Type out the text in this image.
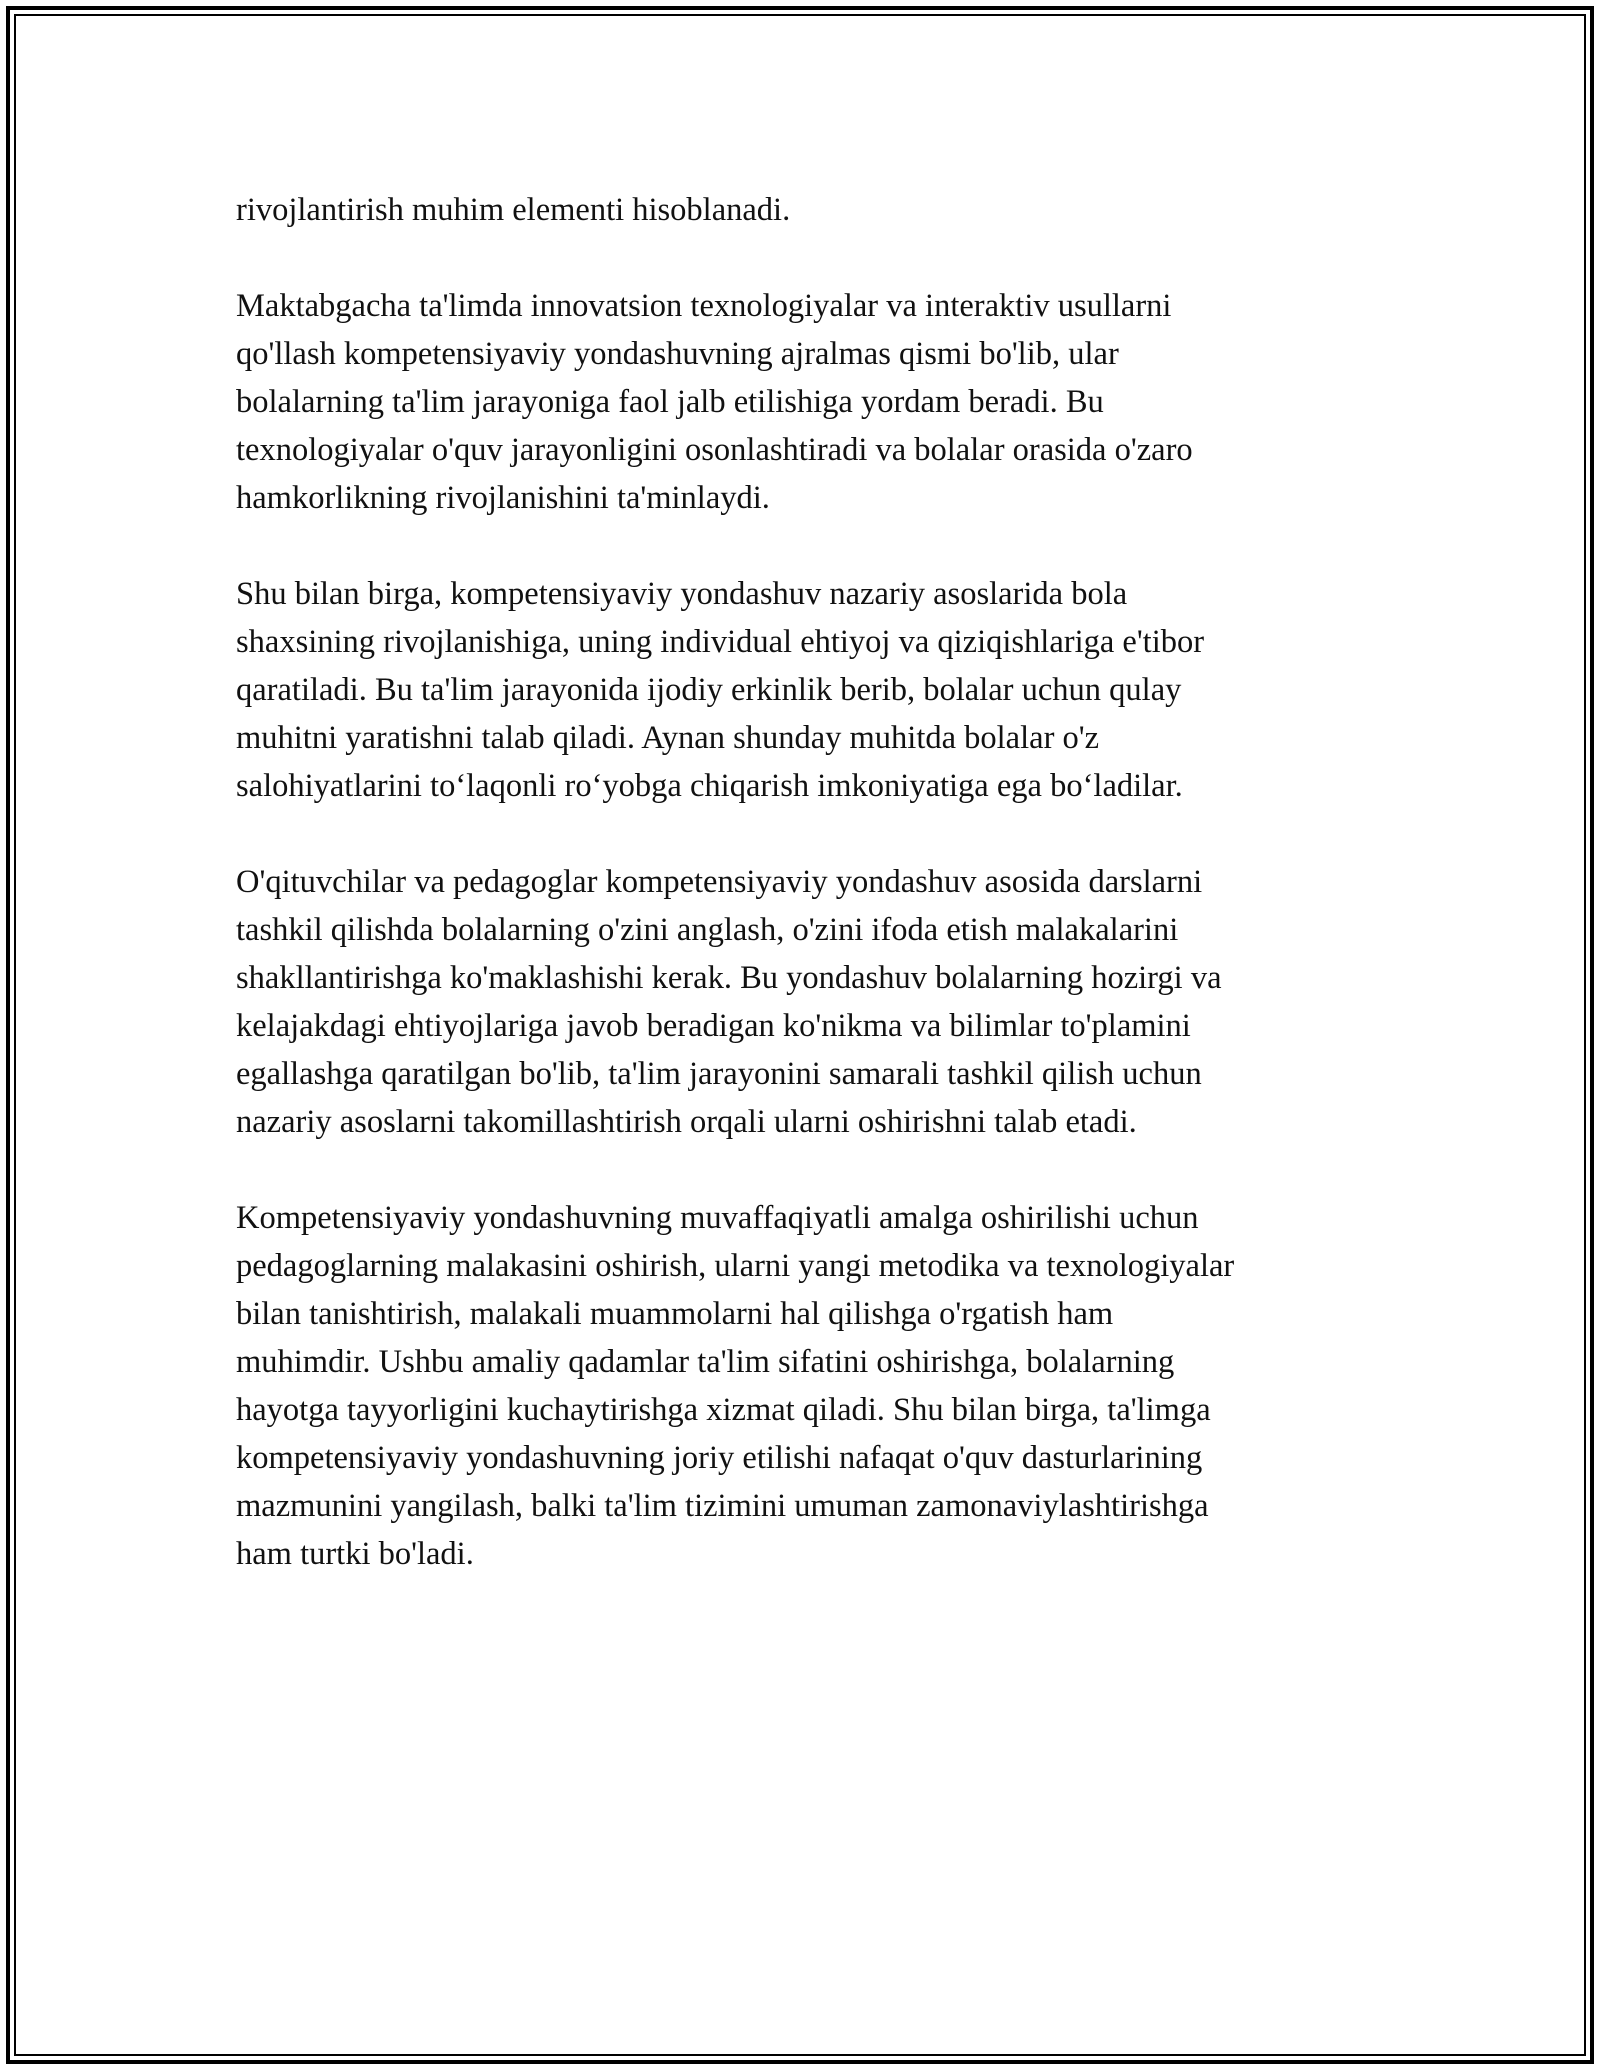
rivojlantirish muhim elementi hisoblanadi.

Maktabgacha ta'limda innovatsion texnologiyalar va interaktiv usullarni
qo'llash kompetensiyaviy yondashuvning ajralmas qismi bo'lib, ular
bolalarning ta'lim jarayoniga faol jalb etilishiga yordam beradi. Bu
texnologiyalar o'quv jarayonligini osonlashtiradi va bolalar orasida o'zaro
hamkorlikning rivojlanishini ta'minlaydi.

Shu bilan birga, kompetensiyaviy yondashuv nazariy asoslarida bola
shaxsining rivojlanishiga, uning individual ehtiyoj va qiziqishlariga e'tibor
qaratiladi. Bu ta'lim jarayonida ijodiy erkinlik berib, bolalar uchun qulay
muhitni yaratishni talab qiladi. Aynan shunday muhitda bolalar o'z
salohiyatlarini to‘laqonli ro‘yobga chiqarish imkoniyatiga ega bo‘ladilar.

O'qituvchilar va pedagoglar kompetensiyaviy yondashuv asosida darslarni
tashkil qilishda bolalarning o'zini anglash, o'zini ifoda etish malakalarini
shakllantirishga ko'maklashishi kerak. Bu yondashuv bolalarning hozirgi va
kelajakdagi ehtiyojlariga javob beradigan ko'nikma va bilimlar to'plamini
egallashga qaratilgan bo'lib, ta'lim jarayonini samarali tashkil qilish uchun
nazariy asoslarni takomillashtirish orqali ularni oshirishni talab etadi.

Kompetensiyaviy yondashuvning muvaffaqiyatli amalga oshirilishi uchun
pedagoglarning malakasini oshirish, ularni yangi metodika va texnologiyalar
bilan tanishtirish, malakali muammolarni hal qilishga o'rgatish ham
muhimdir. Ushbu amaliy qadamlar ta'lim sifatini oshirishga, bolalarning
hayotga tayyorligini kuchaytirishga xizmat qiladi. Shu bilan birga, ta'limga
kompetensiyaviy yondashuvning joriy etilishi nafaqat o'quv dasturlarining
mazmunini yangilash, balki ta'lim tizimini umuman zamonaviylashtirishga
ham turtki bo'ladi.
